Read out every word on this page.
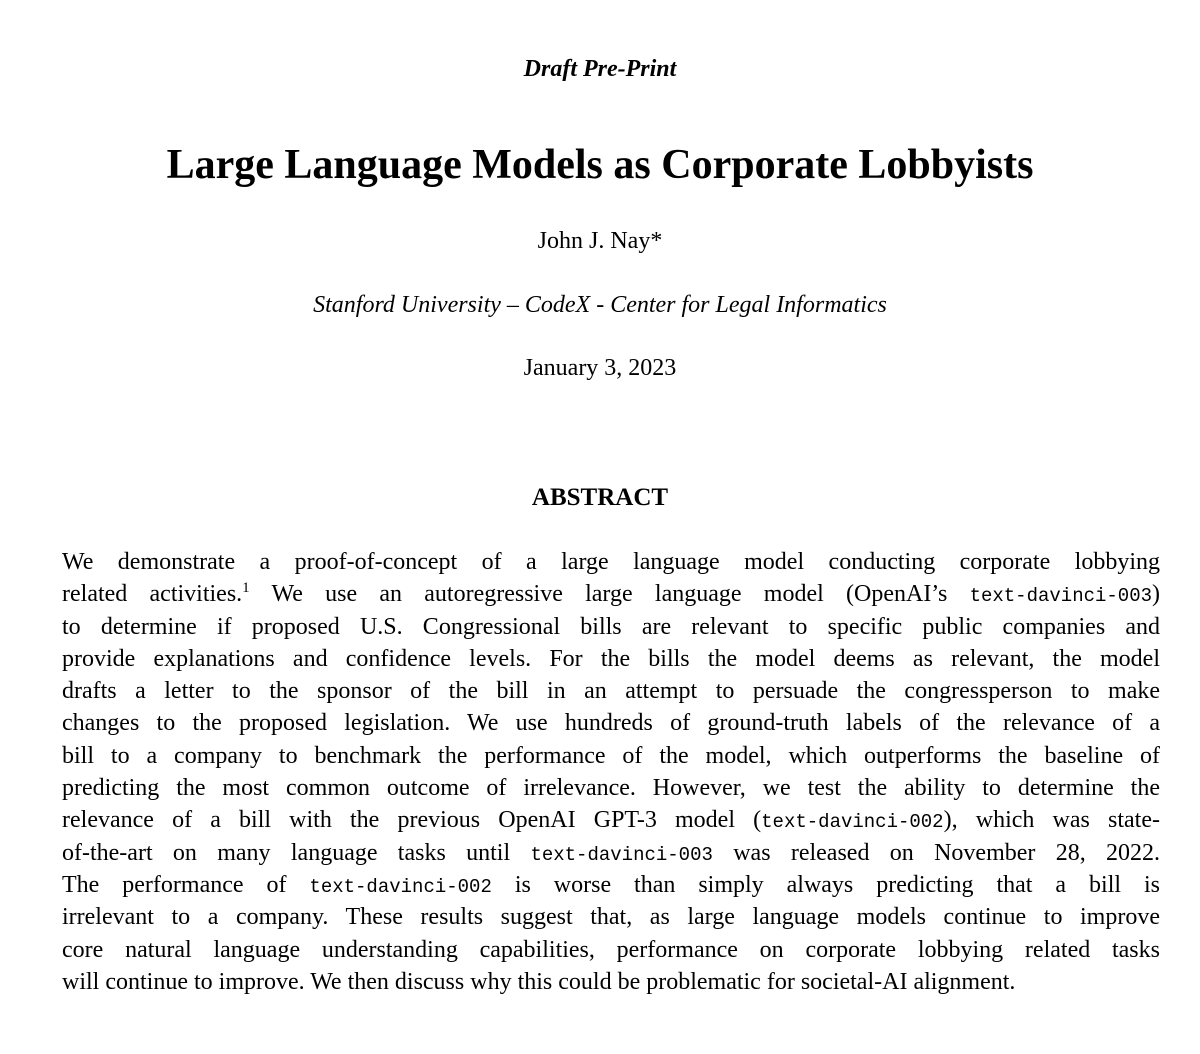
Draft Pre-Print
Large Language Models as Corporate Lobbyists
John J. Nay*
Stanford University – CodeX - Center for Legal Informatics
January 3, 2023
ABSTRACT
We demonstrate a proof-of-concept of a large language model conducting corporate lobbying
related activities.$^1$ We use an autoregressive large language model (OpenAI’s text-davinci-003)
to determine if proposed U.S. Congressional bills are relevant to specific public companies and
provide explanations and confidence levels. For the bills the model deems as relevant, the model
drafts a letter to the sponsor of the bill in an attempt to persuade the congressperson to make
changes to the proposed legislation. We use hundreds of ground-truth labels of the relevance of a
bill to a company to benchmark the performance of the model, which outperforms the baseline of
predicting the most common outcome of irrelevance. However, we test the ability to determine the
relevance of a bill with the previous OpenAI GPT-3 model (text-davinci-002), which was state-
of-the-art on many language tasks until text-davinci-003 was released on November 28, 2022.
The performance of text-davinci-002 is worse than simply always predicting that a bill is
irrelevant to a company. These results suggest that, as large language models continue to improve
core natural language understanding capabilities, performance on corporate lobbying related tasks
will continue to improve. We then discuss why this could be problematic for societal-AI alignment.
